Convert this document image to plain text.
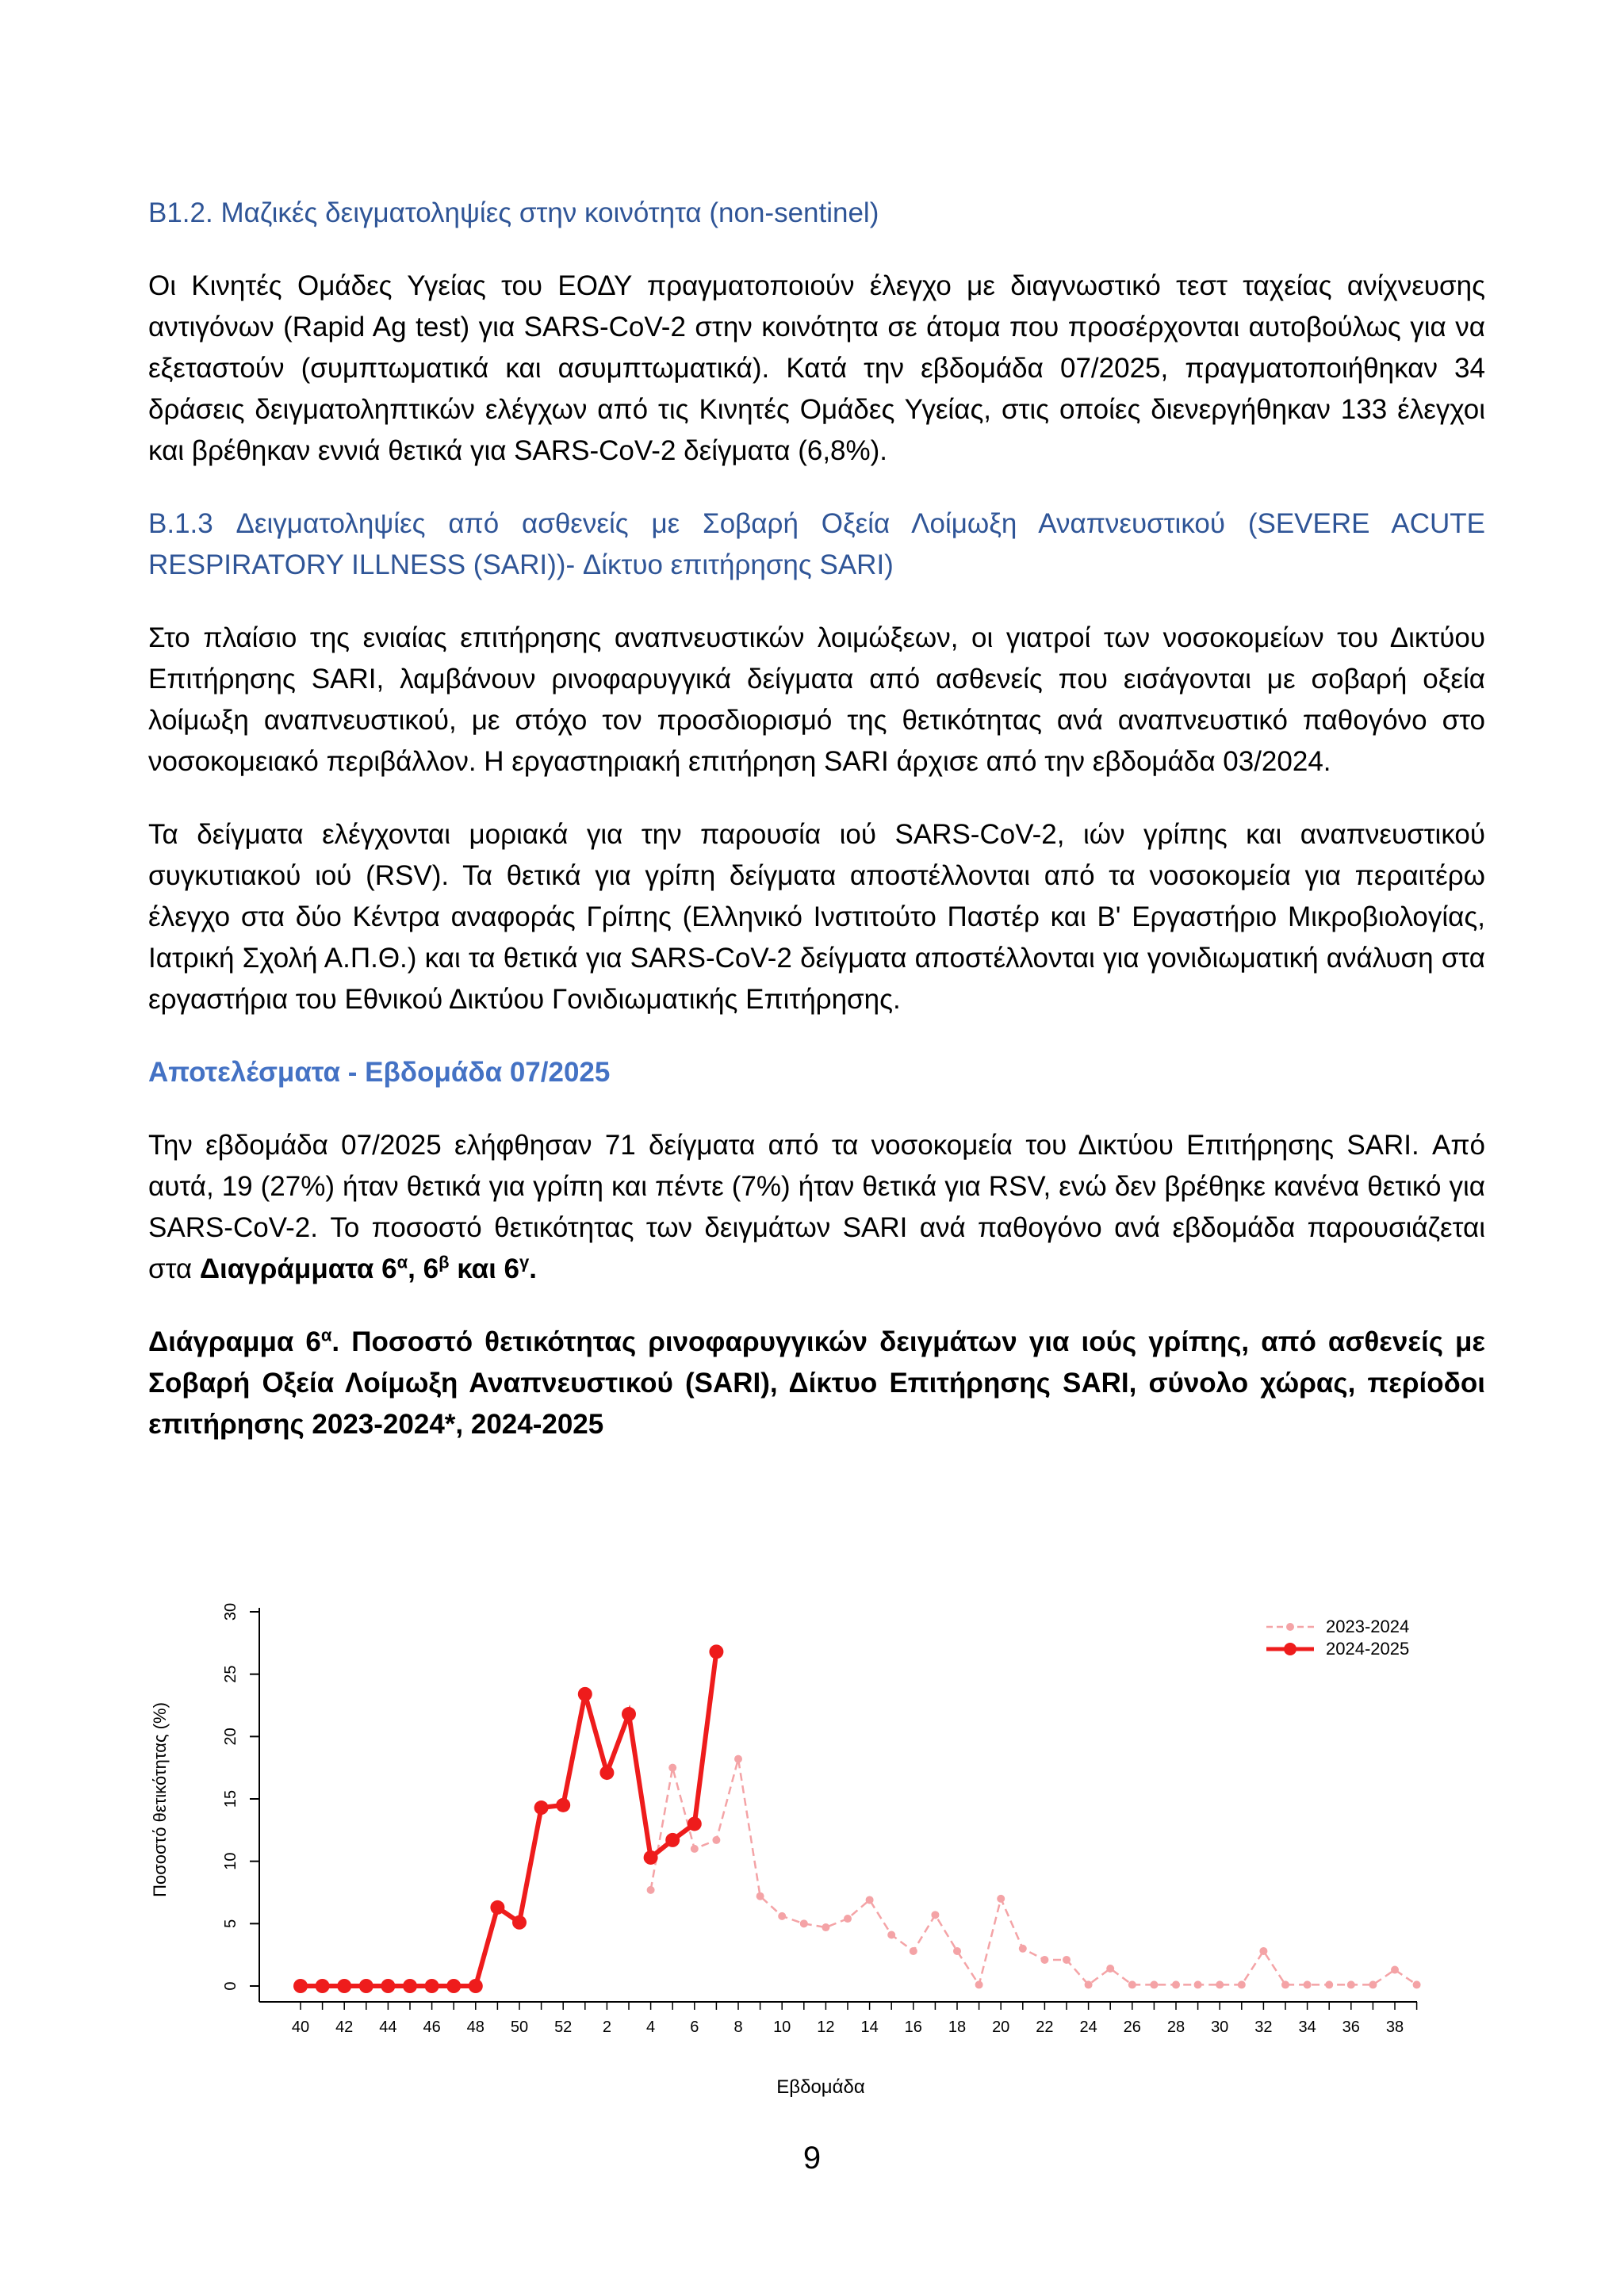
B1.2. Μαζικές δειγματοληψίες στην κοινότητα (non-sentinel)

Οι Κινητές Ομάδες Υγείας του ΕΟΔΥ πραγματοποιούν έλεγχο με διαγνωστικό τεστ ταχείας ανίχνευσης αντιγόνων (Rapid Ag test) για SARS-CoV-2 στην κοινότητα σε άτομα που προσέρχονται αυτοβούλως για να εξεταστούν (συμπτωματικά και ασυμπτωματικά). Κατά την εβδομάδα 07/2025, πραγματοποιήθηκαν 34 δράσεις δειγματοληπτικών ελέγχων από τις Κινητές Ομάδες Υγείας, στις οποίες διενεργήθηκαν 133 έλεγχοι και βρέθηκαν εννιά θετικά για SARS-CoV-2 δείγματα (6,8%).

B.1.3 Δειγματοληψίες από ασθενείς με Σοβαρή Οξεία Λοίμωξη Αναπνευστικού (SEVERE ACUTE RESPIRATORY ILLNESS (SARI))- Δίκτυο επιτήρησης SARI)

Στο πλαίσιο της ενιαίας επιτήρησης αναπνευστικών λοιμώξεων, οι γιατροί των νοσοκομείων του Δικτύου Επιτήρησης SARI, λαμβάνουν ρινοφαρυγγικά δείγματα από ασθενείς που εισάγονται με σοβαρή οξεία λοίμωξη αναπνευστικού, με στόχο τον προσδιορισμό της θετικότητας ανά αναπνευστικό παθογόνο στο νοσοκομειακό περιβάλλον. Η εργαστηριακή επιτήρηση SARI άρχισε από την εβδομάδα 03/2024.

Τα δείγματα ελέγχονται μοριακά για την παρουσία ιού SARS-CoV-2, ιών γρίπης και αναπνευστικού συγκυτιακού ιού (RSV). Τα θετικά για γρίπη δείγματα αποστέλλονται από τα νοσοκομεία για περαιτέρω έλεγχο στα δύο Κέντρα αναφοράς Γρίπης (Ελληνικό Ινστιτούτο Παστέρ και Β' Εργαστήριο Μικροβιολογίας, Ιατρική Σχολή Α.Π.Θ.) και τα θετικά για SARS-CoV-2 δείγματα αποστέλλονται για γονιδιωματική ανάλυση στα εργαστήρια του Εθνικού Δικτύου Γονιδιωματικής Επιτήρησης.

Αποτελέσματα - Εβδομάδα 07/2025

Την εβδομάδα 07/2025 ελήφθησαν 71 δείγματα από τα νοσοκομεία του Δικτύου Επιτήρησης SARI. Από αυτά, 19 (27%) ήταν θετικά για γρίπη και πέντε (7%) ήταν θετικά για RSV, ενώ δεν βρέθηκε κανένα θετικό για SARS-CoV-2. Το ποσοστό θετικότητας των δειγμάτων SARI ανά παθογόνο ανά εβδομάδα παρουσιάζεται στα Διαγράμματα $6^\alpha$, $6^\beta$ και $6^\gamma$.

Διάγραμμα $6^\alpha$. Ποσοστό θετικότητας ρινοφαρυγγικών δειγμάτων για ιούς γρίπης, από ασθενείς με Σοβαρή Οξεία Λοίμωξη Αναπνευστικού (SARI), Δίκτυο Επιτήρησης SARI, σύνολο χώρας, περίοδοι επιτήρησης 2023-2024*, 2024-2025

0
5
10
15
20
25
30
40 42 44 46 48 50 52 2 4 6 8 10 12 14 16 18 20 22 24 26 28 30 32 34 36 38
2023-2024
2024-2025
Ποσοστό θετικότητας (%)
Εβδομάδα
9
